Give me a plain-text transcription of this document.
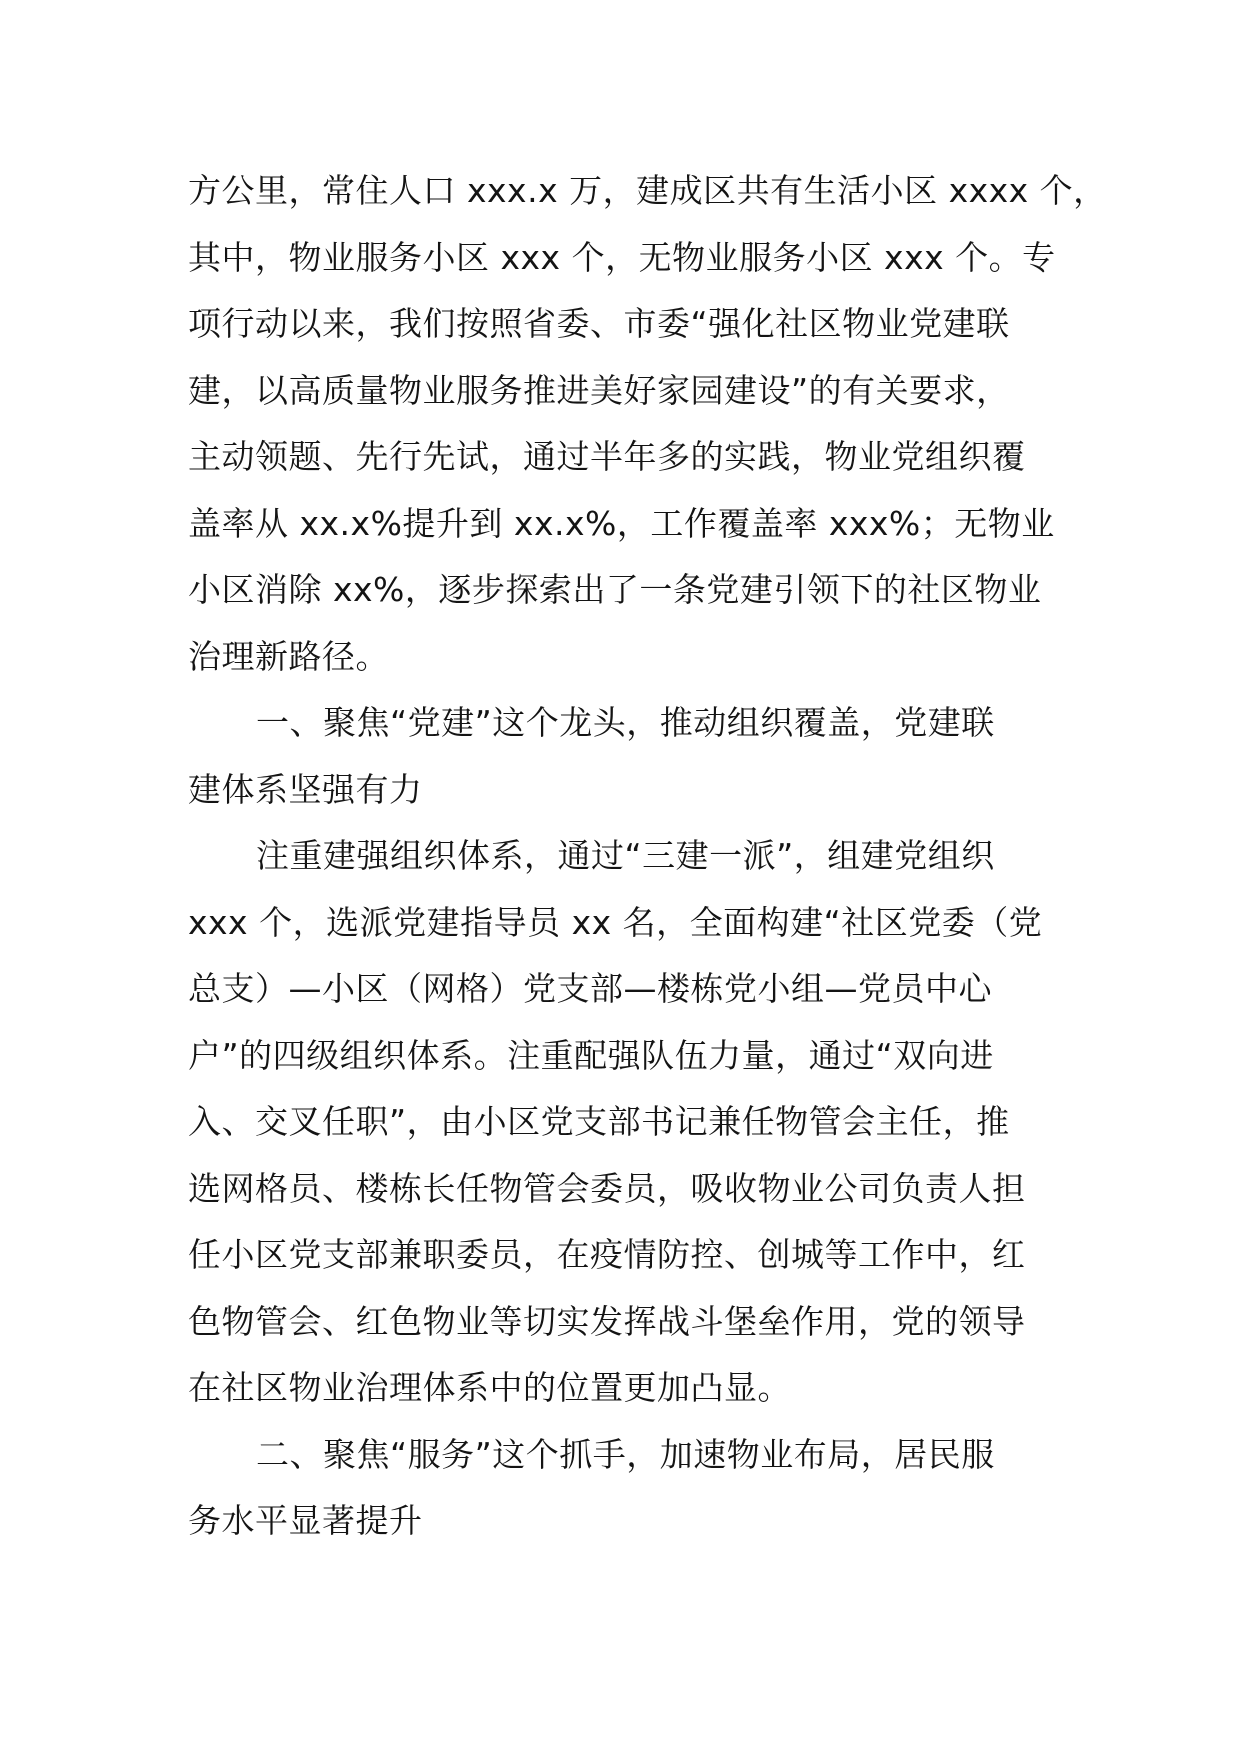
方公里，常住人口 xxx.x 万，建成区共有生活小区 xxxx 个，
其中，物业服务小区 xxx 个，无物业服务小区 xxx 个。专
项行动以来，我们按照省委、市委“强化社区物业党建联
建，以高质量物业服务推进美好家园建设”的有关要求，
主动领题、先行先试，通过半年多的实践，物业党组织覆
盖率从 xx.x%提升到 xx.x%，工作覆盖率 xxx%；无物业
小区消除 xx%，逐步探索出了一条党建引领下的社区物业
治理新路径。
一、聚焦“党建”这个龙头，推动组织覆盖，党建联
建体系坚强有力
注重建强组织体系，通过“三建一派”，组建党组织
xxx 个，选派党建指导员 xx 名，全面构建“社区党委（党
总支）—小区（网格）党支部—楼栋党小组—党员中心
户”的四级组织体系。注重配强队伍力量，通过“双向进
入、交叉任职”，由小区党支部书记兼任物管会主任，推
选网格员、楼栋长任物管会委员，吸收物业公司负责人担
任小区党支部兼职委员，在疫情防控、创城等工作中，红
色物管会、红色物业等切实发挥战斗堡垒作用，党的领导
在社区物业治理体系中的位置更加凸显。
二、聚焦“服务”这个抓手，加速物业布局，居民服
务水平显著提升
